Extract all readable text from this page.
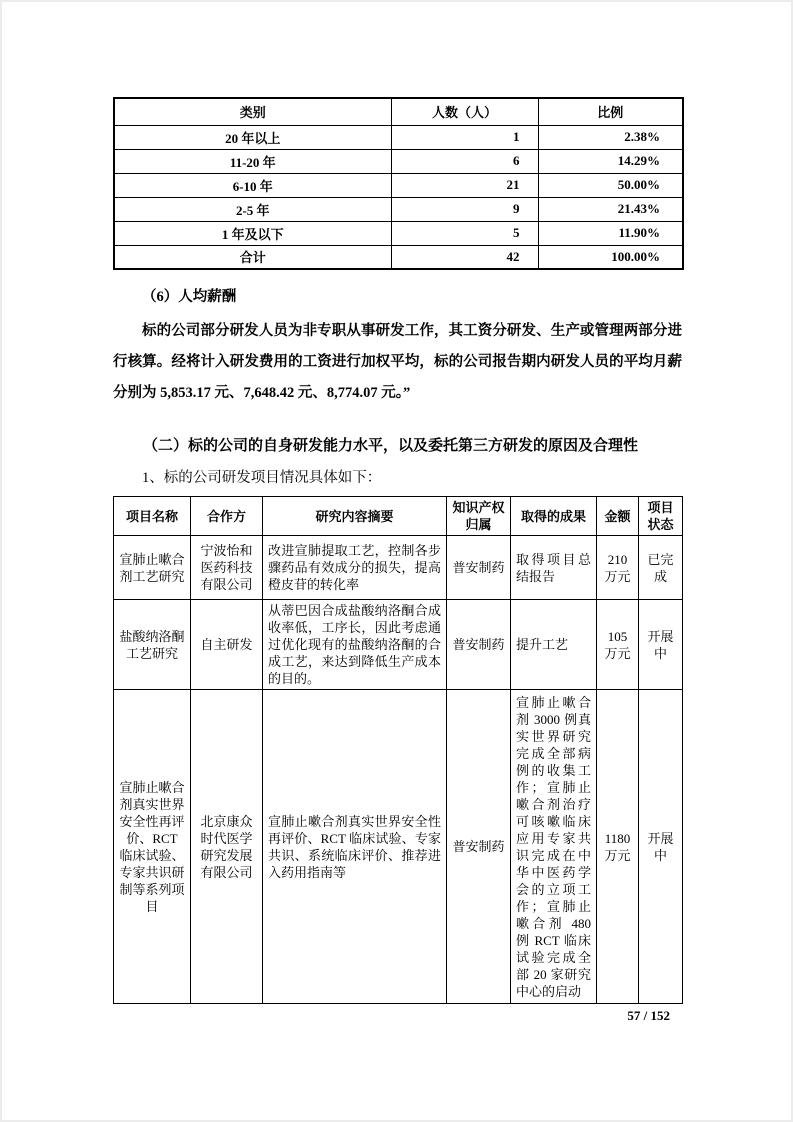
类别	人数（人）	比例
20 年以上	1	2.38%
11-20 年	6	14.29%
6-10 年	21	50.00%
2-5 年	9	21.43%
1 年及以下	5	11.90%
合计	42	100.00%
（6）人均薪酬

标的公司部分研发人员为非专职从事研发工作，其工资分研发、生产或管理两部分进行核算。经将计入研发费用的工资进行加权平均，标的公司报告期内研发人员的平均月薪分别为 5,853.17 元、7,648.42 元、8,774.07 元。”

（二）标的公司的自身研发能力水平，以及委托第三方研发的原因及合理性

1、标的公司研发项目情况具体如下：

项目名称	合作方	研究内容摘要	知识产权归属	取得的成果	金额	项目状态
宣肺止嗽合剂工艺研究	宁波怡和医药科技有限公司	改进宣肺提取工艺，控制各步骤药品有效成分的损失，提高橙皮苷的转化率	普安制药	取得项目总结报告	210 万元	已完成
盐酸纳洛酮工艺研究	自主研发	从蒂巴因合成盐酸纳洛酮合成收率低，工序长，因此考虑通过优化现有的盐酸纳洛酮的合成工艺，来达到降低生产成本的目的。	普安制药	提升工艺	105 万元	开展中
宣肺止嗽合剂真实世界安全性再评价、RCT 临床试验、专家共识研制等系列项目	北京康众时代医学研究发展有限公司	宣肺止嗽合剂真实世界安全性再评价、RCT 临床试验、专家共识、系统临床评价、推荐进入药用指南等	普安制药	宣肺止嗽合剂 3000 例真实世界研究完成全部病例的收集工作；宣肺止嗽合剂治疗可咳嗽临床应用专家共识完成在中华中医药学会的立项工作；宣肺止嗽合剂 480 例 RCT 临床试验完成全部 20 家研究中心的启动	1180 万元	开展中
57 / 152
